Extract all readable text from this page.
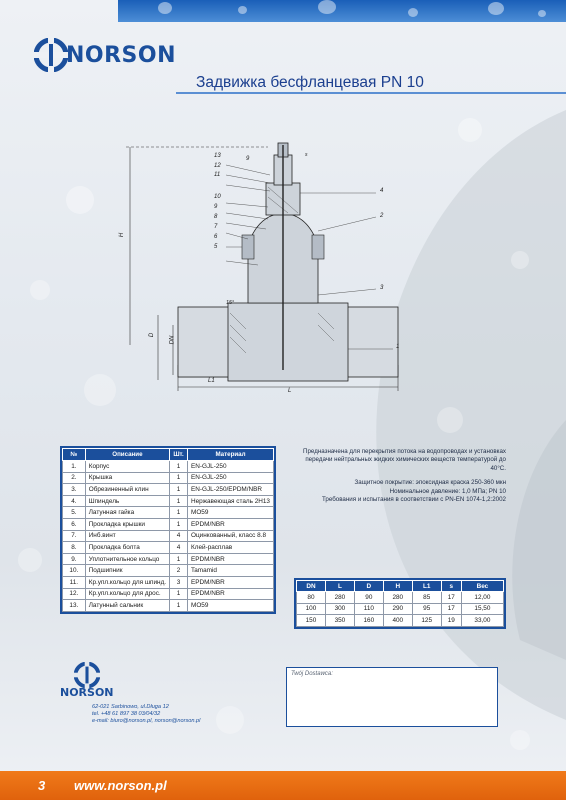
NORSON
Задвижка бесфланцевая PN 10
13
12
11
10
9
8
7
6
5
9
4
2
3
1
H
D
DN
L1
L
15°
s
№	Описание	Шт.	Материал
1.	Корпус	1	EN-GJL-250
2.	Крышка	1	EN-GJL-250
3.	Обрезиненный клин	1	EN-GJL-250/EPDM/NBR
4.	Шпиндель	1	Нержавеющая сталь 2Н13
5.	Латунная гайка	1	MO59
6.	Прокладка крышки	1	EPDM/NBR
7.	Инб.винт	4	Оцинкованный, класс 8.8
8.	Прокладка болта	4	Клей-расплав
9.	Уплотнительное кольцо	1	EPDM/NBR
10.	Подшипник	2	Tamamid
11.	Кр.упл.кольцо для шпинд.	3	EPDM/NBR
12.	Кр.упл.кольцо для дрос.	1	EPDM/NBR
13.	Латунный сальник	1	MO59

Предназначена для перекрытия потока на водопроводах и установках передачи нейтральных жидких химических веществ температурой до 40°С.

Защитное покрытие: эпоксидная краска 250-360 мкн
Номинальное давление: 1,0 МПа; PN 10
Требования и испытания в соответствии с PN-EN 1074-1,2:2002
DN	L	D	H	L1	s	Вес
80	280	90	280	85	17	12,00
100	300	110	290	95	17	15,50
150	350	160	400	125	19	33,00
NORSON
62-021 Sarbinowo, ul.Długa 12
tel. +48 61 897 38 03/04/32
e-mail: biuro@norson.pl, norson@norson.pl
Twój Dostawca:
3 www.norson.pl
